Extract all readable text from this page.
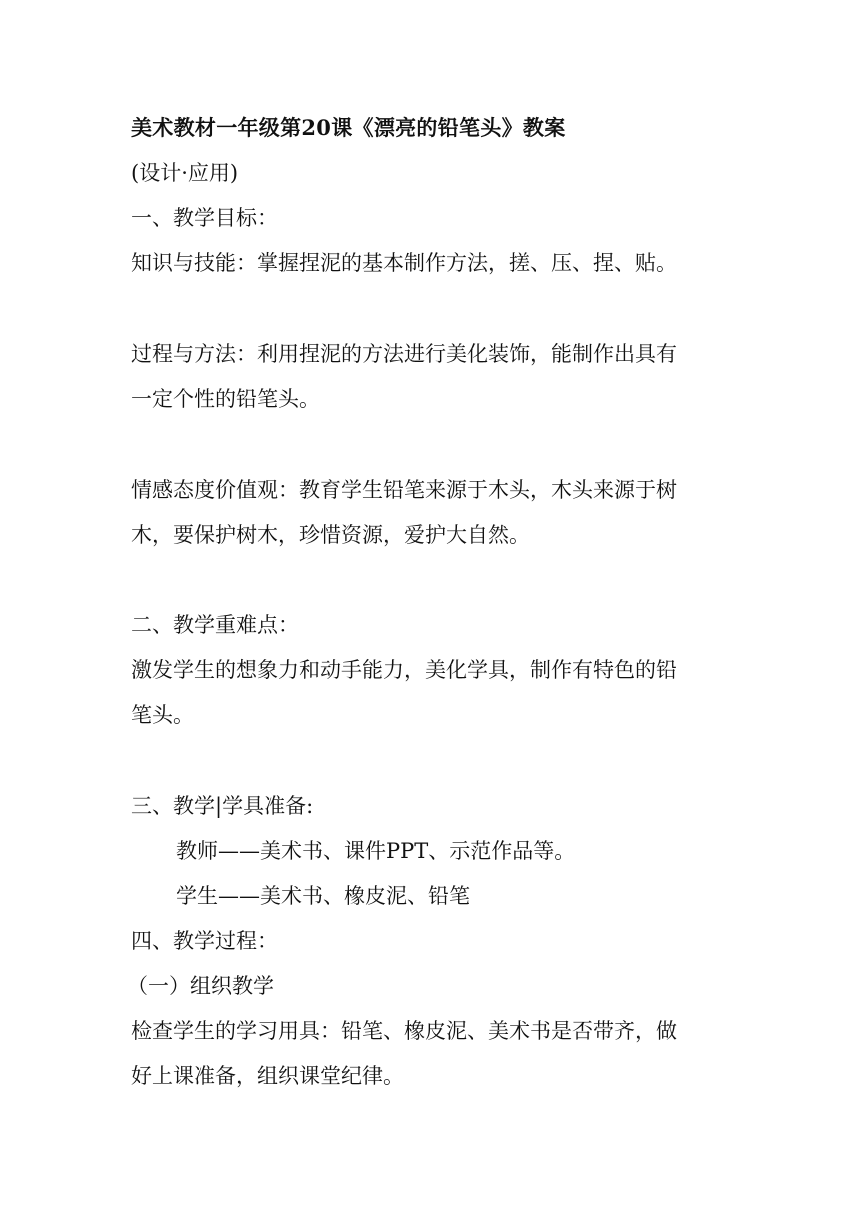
美术教材一年级第20课《漂亮的铅笔头》教案
(设计·应用)
一、教学目标：
知识与技能：掌握捏泥的基本制作方法，搓、压、捏、贴。
过程与方法：利用捏泥的方法进行美化装饰，能制作出具有
一定个性的铅笔头。
情感态度价值观：教育学生铅笔来源于木头，木头来源于树
木，要保护树木，珍惜资源，爱护大自然。
二、教学重难点：
激发学生的想象力和动手能力，美化学具，制作有特色的铅
笔头。
三、教学|学具准备:
教师——美术书、课件PPT、示范作品等。
学生——美术书、橡皮泥、铅笔
四、教学过程：
（一）组织教学
检查学生的学习用具：铅笔、橡皮泥、美术书是否带齐，做
好上课准备，组织课堂纪律。
